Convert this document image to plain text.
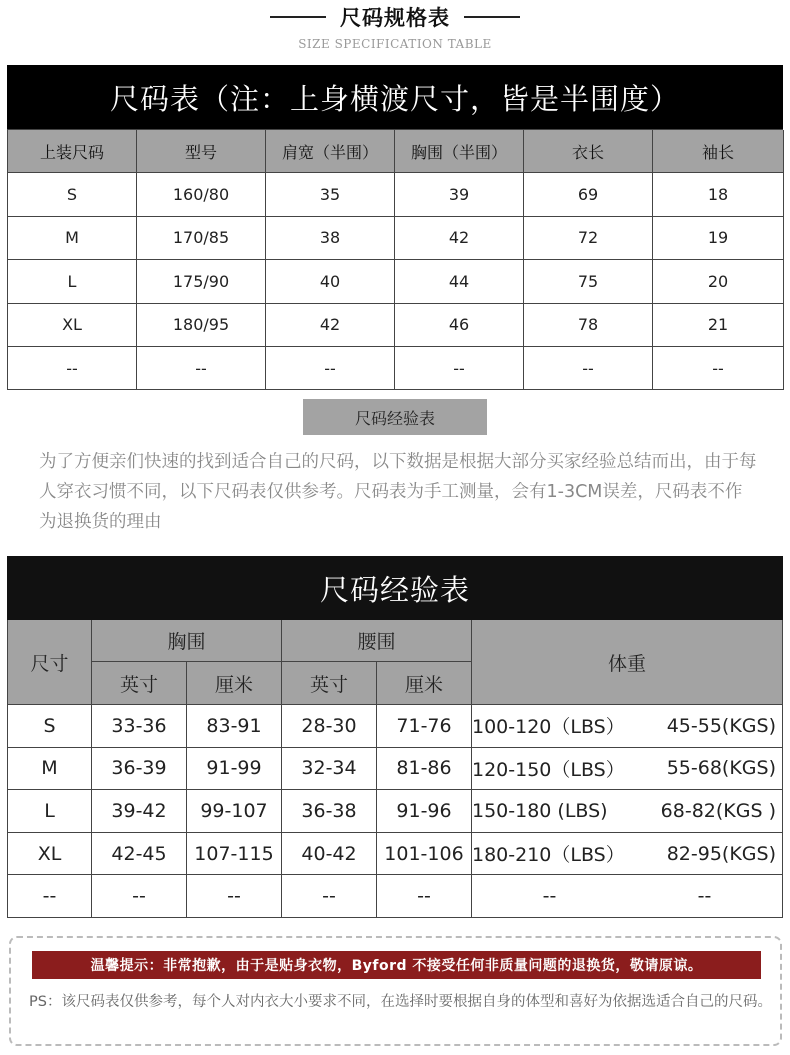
尺码规格表
SIZE SPECIFICATION TABLE
尺码表（注：上身横渡尺寸，皆是半围度）
上装尺码	型号	肩宽（半围）	胸围（半围）	衣长	袖长
S	160/80	35	39	69	18
M	170/85	38	42	72	19
L	175/90	40	44	75	20
XL	180/95	42	46	78	21
--	--	--	--	--	--
尺码经验表
为了方便亲们快速的找到适合自己的尺码，以下数据是根据大部分买家经验总结而出，由于每人穿衣习惯不同，以下尺码表仅供参考。尺码表为手工测量，会有1-3CM误差，尺码表不作为退换货的理由
尺码经验表
尺寸
胸围	腰围
体重
英寸	厘米	英寸	厘米
S	33-36	83-91	28-30	71-76	100-120（LBS） 45-55(KGS)
M	36-39	91-99	32-34	81-86	120-150（LBS） 55-68(KGS)
L	39-42	99-107	36-38	91-96	150-180 (LBS)	68-82(KGS )
XL	42-45	107-115	40-42	101-106 180-210（LBS） 82-95(KGS)
--	--	--	--	--	--	--
温馨提示：非常抱歉，由于是贴身衣物，Byford 不接受任何非质量问题的退换货，敬请原谅。
PS：该尺码表仅供参考，每个人对内衣大小要求不同，在选择时要根据自身的体型和喜好为依据选适合自己的尺码。
